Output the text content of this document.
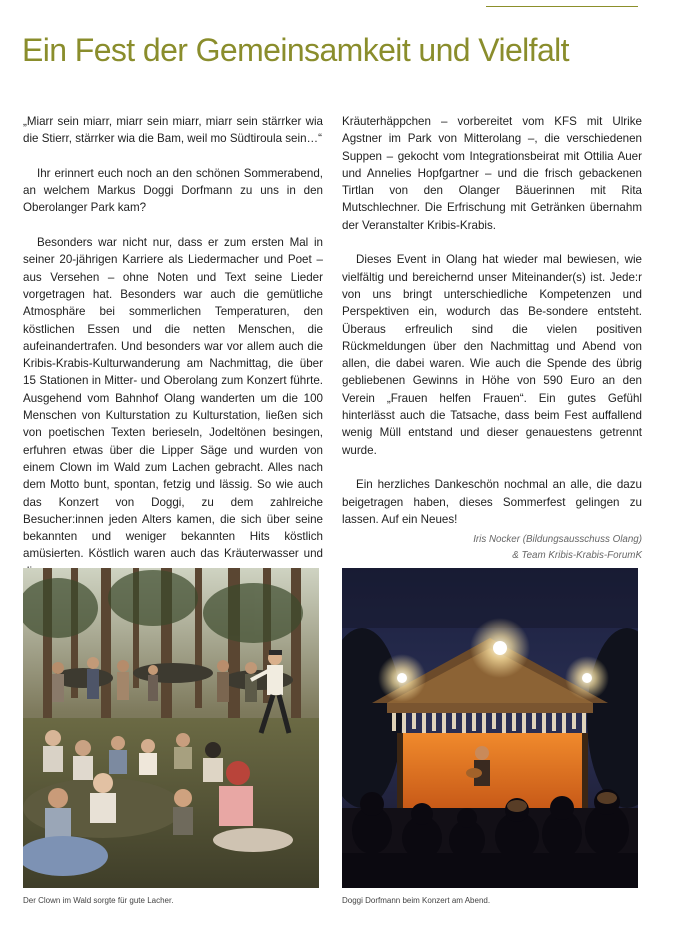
Ein Fest der Gemeinsamkeit und Vielfalt

„Miarr sein miarr, miarr sein miarr, miarr sein stärrker wia die Stierr, stärrker wia die Bam, weil mo Südtiroula sein…“

Ihr erinnert euch noch an den schönen Sommerabend, an welchem Markus Doggi Dorfmann zu uns in den Oberolanger Park kam?

Besonders war nicht nur, dass er zum ersten Mal in seiner 20-jährigen Karriere als Liedermacher und Poet – aus Versehen – ohne Noten und Text seine Lieder vorgetragen hat. Besonders war auch die gemütliche Atmosphäre bei sommerlichen Temperaturen, den köstlichen Essen und die netten Menschen, die aufeinandertrafen. Und besonders war vor allem auch die Kribis-Krabis-Kulturwanderung am Nachmittag, die über 15 Stationen in Mitter- und Oberolang zum Konzert führte. Ausgehend vom Bahnhof Olang wanderten um die 100 Menschen von Kulturstation zu Kulturstation, ließen sich von poetischen Texten berieseln, Jodeltönen besingen, erfuhren etwas über die Lipper Säge und wurden von einem Clown im Wald zum Lachen gebracht. Alles nach dem Motto bunt, spontan, fetzig und lässig. So wie auch das Konzert von Doggi, zu dem zahlreiche Besucher:innen jeden Alters kamen, die sich über seine bekannten und weniger bekannten Hits köstlich amüsierten. Köstlich waren auch das Kräuterwasser und

Kräuterhäppchen – vorbereitet vom KFS mit Ulrike Agstner im Park von Mitterolang –, die verschiedenen Suppen – gekocht vom Integrationsbeirat mit Ottilia Auer und Annelies Hopfgartner – und die frisch gebackenen Tirtlan von den Olanger Bäuerinnen mit Rita Mutschlechner. Die Erfrischung mit Getränken übernahm der Veranstalter Kribis-Krabis.

Dieses Event in Olang hat wieder mal bewiesen, wie vielfältig und bereichernd unser Miteinander(s) ist. Jede:r von uns bringt unterschiedliche Kompetenzen und Perspektiven ein, wodurch das Be-sondere entsteht. Überaus erfreulich sind die vielen positiven Rückmeldungen über den Nachmittag und Abend von allen, die dabei waren. Wie auch die Spende des übrig gebliebenen Gewinns in Höhe von 590 Euro an den Verein „Frauen helfen Frauen“. Ein gutes Gefühl hinterlässt auch die Tatsache, dass beim Fest auffallend wenig Müll entstand und dieser genauestens getrennt wurde.

Ein herzliches Dankeschön nochmal an alle, die dazu beigetragen haben, dieses Sommerfest gelingen zu lassen. Auf ein Neues!

Iris Nocker (Bildungsausschuss Olang)
& Team Kribis-Krabis-ForumK
Der Clown im Wald sorgte für gute Lacher.	Doggi Dorfmann beim Konzert am Abend.
